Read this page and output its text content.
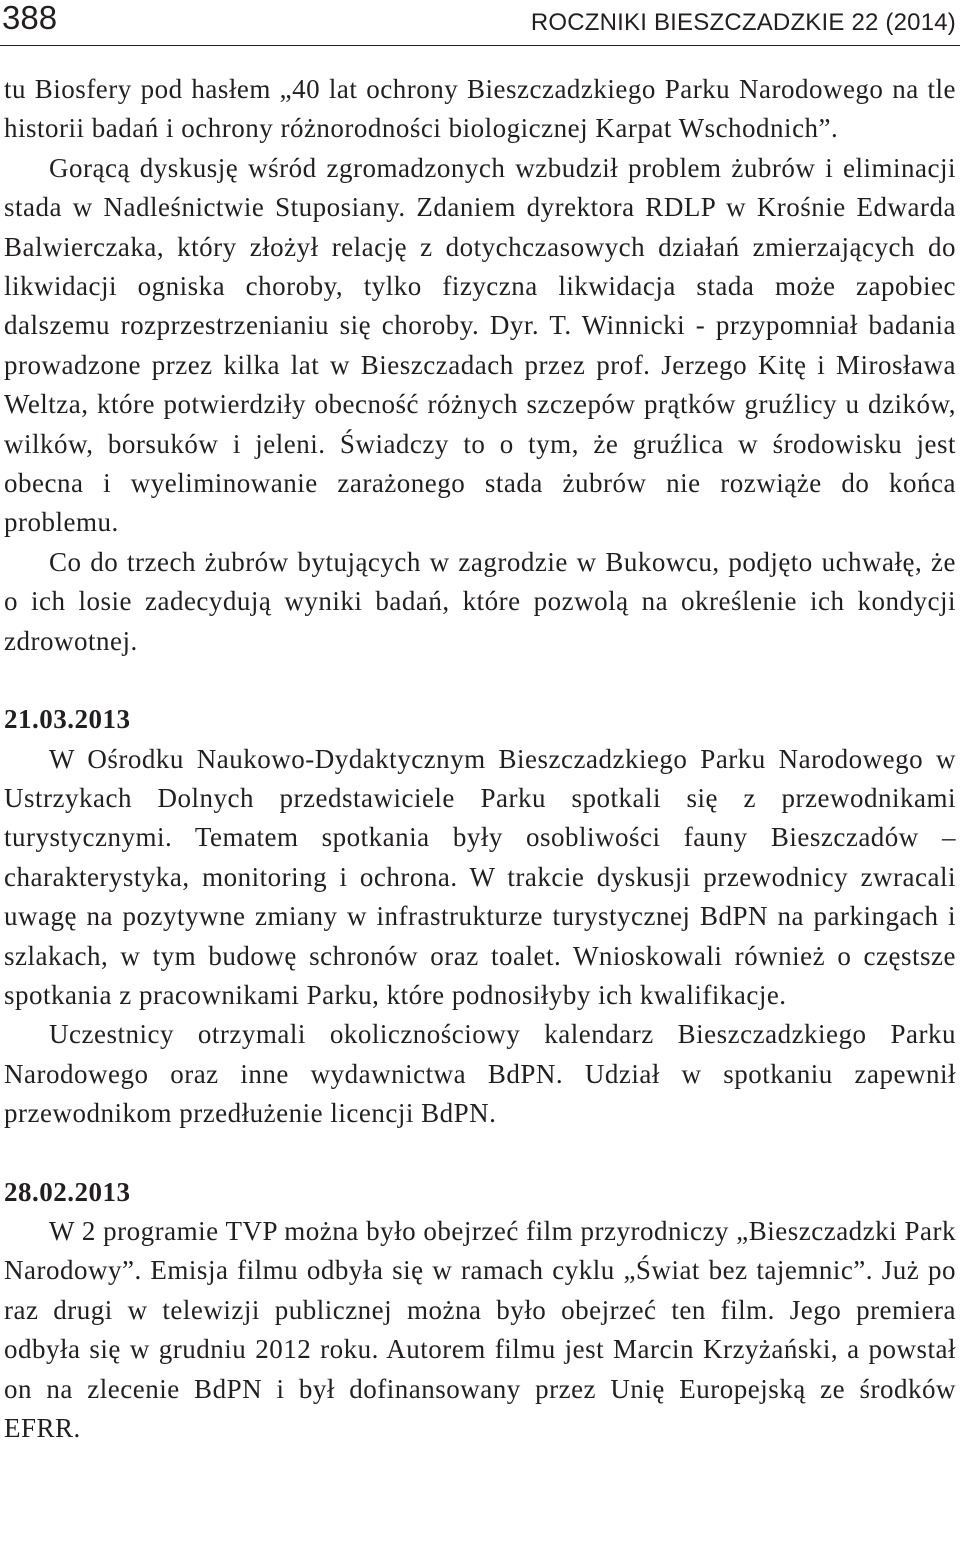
388	ROCZNIKI BIESZCZADZKIE 22 (2014)

tu Biosfery pod hasłem „40 lat ochrony Bieszczadzkiego Parku Narodowego na tle historii badań i ochrony różnorodności biologicznej Karpat Wschodnich”.

Gorącą dyskusję wśród zgromadzonych wzbudził problem żubrów i eliminacji stada w Nadleśnictwie Stuposiany. Zdaniem dyrektora RDLP w Krośnie Edwarda Balwierczaka, który złożył relację z dotychczasowych działań zmierzających do likwidacji ogniska choroby, tylko fizyczna likwidacja stada może zapobiec dalszemu rozprzestrzenianiu się choroby. Dyr. T. Winnicki - przypomniał badania prowadzone przez kilka lat w Bieszczadach przez prof. Jerzego Kitę i Mirosława Weltza, które potwierdziły obecność różnych szczepów prątków gruźlicy u dzików, wilków, borsuków i jeleni. Świadczy to o tym, że gruźlica w środowisku jest obecna i wyeliminowanie zarażonego stada żubrów nie rozwiąże do końca problemu.

Co do trzech żubrów bytujących w zagrodzie w Bukowcu, podjęto uchwałę, że o ich losie zadecydują wyniki badań, które pozwolą na określenie ich kondycji zdrowotnej.

21.03.2013

W Ośrodku Naukowo-Dydaktycznym Bieszczadzkiego Parku Narodowego w Ustrzykach Dolnych przedstawiciele Parku spotkali się z przewodnikami turystycznymi. Tematem spotkania były osobliwości fauny Bieszczadów – charakterystyka, monitoring i ochrona. W trakcie dyskusji przewodnicy zwracali uwagę na pozytywne zmiany w infrastrukturze turystycznej BdPN na parkingach i szlakach, w tym budowę schronów oraz toalet. Wnioskowali również o częstsze spotkania z pracownikami Parku, które podnosiłyby ich kwalifikacje.

Uczestnicy otrzymali okolicznościowy kalendarz Bieszczadzkiego Parku Narodowego oraz inne wydawnictwa BdPN. Udział w spotkaniu zapewnił przewodnikom przedłużenie licencji BdPN.

28.02.2013

W 2 programie TVP można było obejrzeć film przyrodniczy „Bieszczadzki Park Narodowy”. Emisja filmu odbyła się w ramach cyklu „Świat bez tajemnic”. Już po raz drugi w telewizji publicznej można było obejrzeć ten film. Jego premiera odbyła się w grudniu 2012 roku. Autorem filmu jest Marcin Krzyżański, a powstał on na zlecenie BdPN i był dofinansowany przez Unię Europejską ze środków EFRR.
